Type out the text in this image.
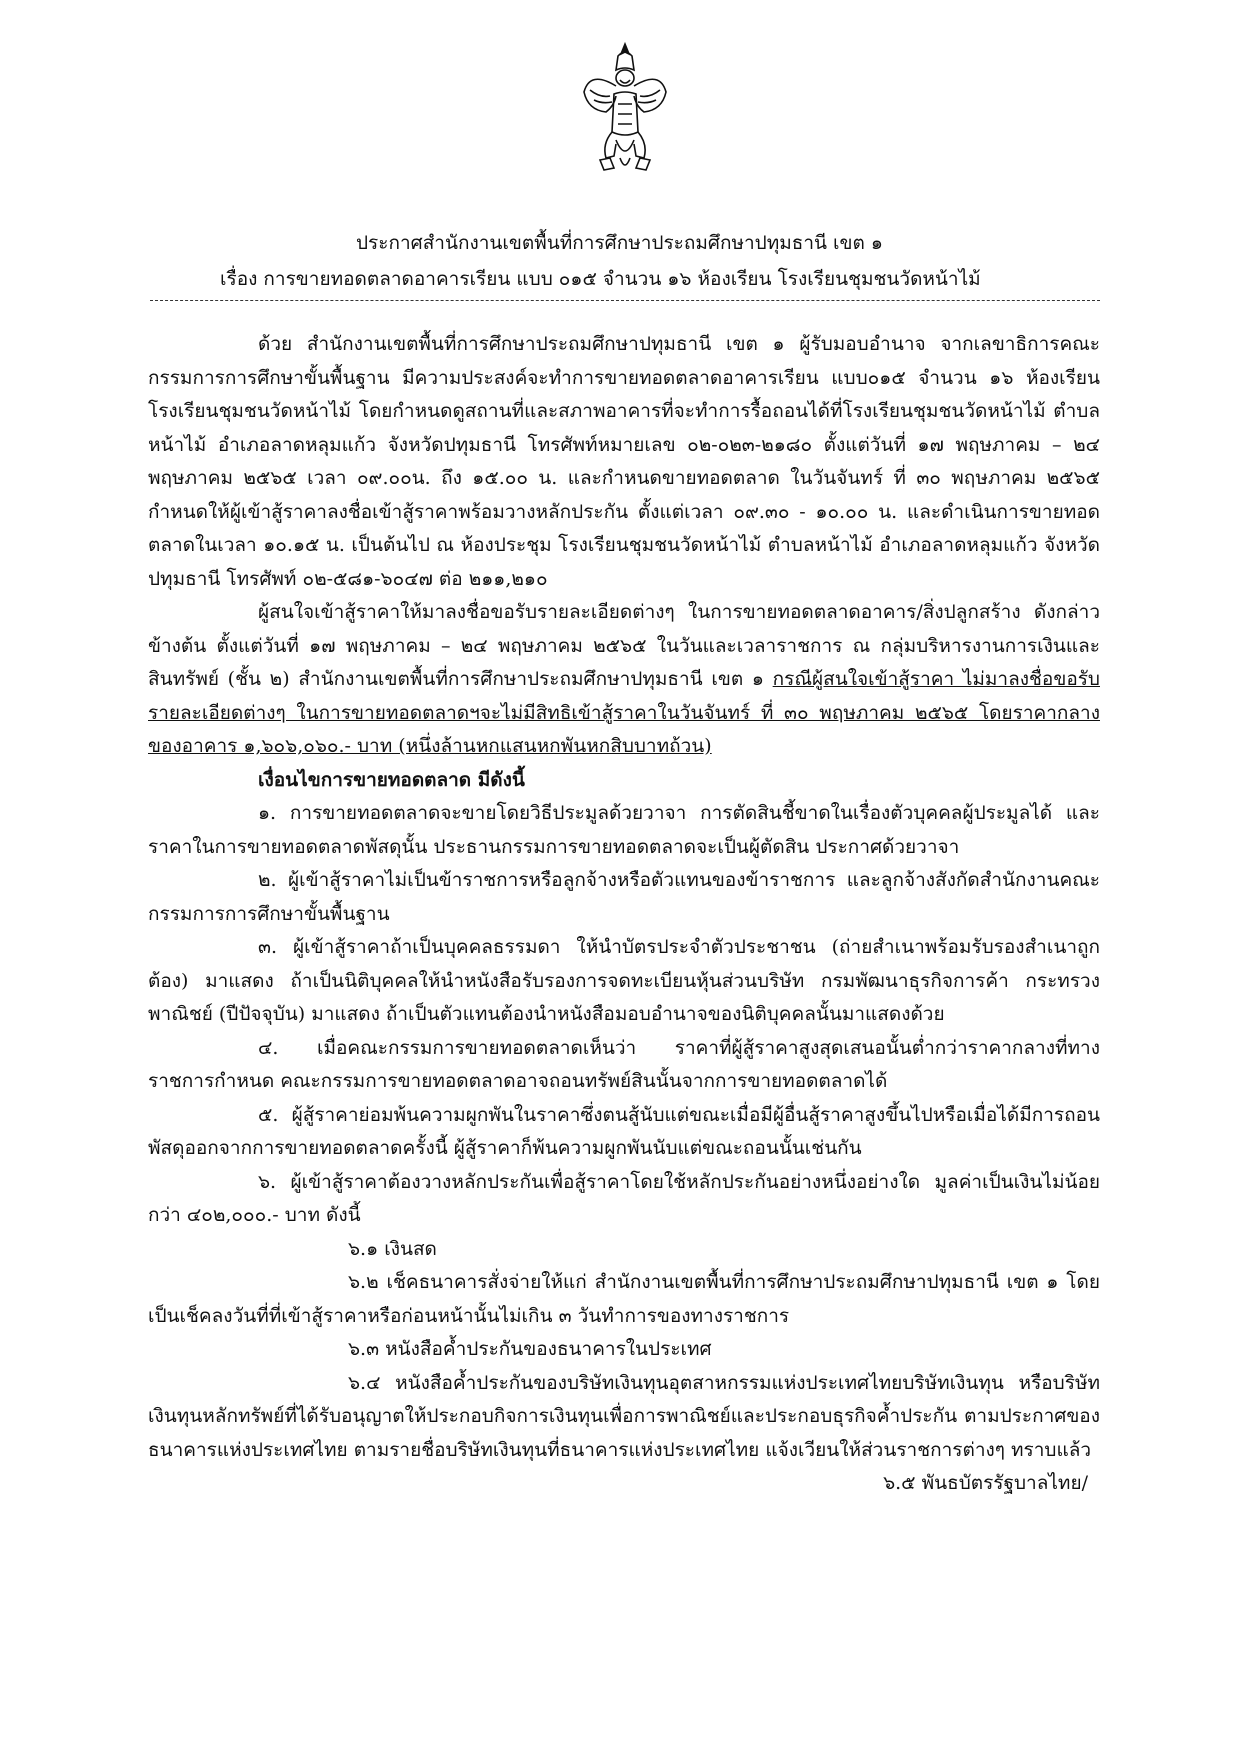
ประกาศสำนักงานเขตพื้นที่การศึกษาประถมศึกษาปทุมธานี เขต ๑
เรื่อง การขายทอดตลาดอาคารเรียน แบบ ๐๑๕ จำนวน ๑๖ ห้องเรียน โรงเรียนชุมชนวัดหน้าไม้

ด้วย สำนักงานเขตพื้นที่การศึกษาประถมศึกษาปทุมธานี เขต ๑ ผู้รับมอบอำนาจ จากเลขาธิการคณะกรรมการการศึกษาขั้นพื้นฐาน มีความประสงค์จะทำการขายทอดตลาดอาคารเรียน แบบ๐๑๕ จำนวน ๑๖ ห้องเรียน โรงเรียนชุมชนวัดหน้าไม้ โดยกำหนดดูสถานที่และสภาพอาคารที่จะทำการรื้อถอนได้ที่โรงเรียนชุมชนวัดหน้าไม้ ตำบลหน้าไม้ อำเภอลาดหลุมแก้ว จังหวัดปทุมธานี โทรศัพท์หมายเลข ๐๒-๐๒๓-๒๑๘๐ ตั้งแต่วันที่ ๑๗ พฤษภาคม – ๒๔ พฤษภาคม ๒๕๖๕ เวลา ๐๙.๐๐น. ถึง ๑๕.๐๐ น. และกำหนดขายทอดตลาด ในวันจันทร์ ที่ ๓๐ พฤษภาคม ๒๕๖๕ กำหนดให้ผู้เข้าสู้ราคาลงชื่อเข้าสู้ราคาพร้อมวางหลักประกัน ตั้งแต่เวลา ๐๙.๓๐ - ๑๐.๐๐ น. และดำเนินการขายทอดตลาดในเวลา ๑๐.๑๕ น. เป็นต้นไป ณ ห้องประชุม โรงเรียนชุมชนวัดหน้าไม้ ตำบลหน้าไม้ อำเภอลาดหลุมแก้ว จังหวัดปทุมธานี โทรศัพท์ ๐๒-๕๘๑-๖๐๔๗ ต่อ ๒๑๑,๒๑๐

ผู้สนใจเข้าสู้ราคาให้มาลงชื่อขอรับรายละเอียดต่างๆ ในการขายทอดตลาดอาคาร/สิ่งปลูกสร้าง ดังกล่าวข้างต้น ตั้งแต่วันที่ ๑๗ พฤษภาคม – ๒๔ พฤษภาคม ๒๕๖๕ ในวันและเวลาราชการ ณ กลุ่มบริหารงานการเงินและสินทรัพย์ (ชั้น ๒) สำนักงานเขตพื้นที่การศึกษาประถมศึกษาปทุมธานี เขต ๑ กรณีผู้สนใจเข้าสู้ราคา ไม่มาลงชื่อขอรับรายละเอียดต่างๆ ในการขายทอดตลาดฯจะไม่มีสิทธิเข้าสู้ราคาในวันจันทร์ ที่ ๓๐ พฤษภาคม ๒๕๖๕ โดยราคากลางของอาคาร ๑,๖๐๖,๐๖๐.- บาท (หนึ่งล้านหกแสนหกพันหกสิบบาทถ้วน)

เงื่อนไขการขายทอดตลาด มีดังนี้

๑. การขายทอดตลาดจะขายโดยวิธีประมูลด้วยวาจา การตัดสินชี้ขาดในเรื่องตัวบุคคลผู้ประมูลได้ และราคาในการขายทอดตลาดพัสดุนั้น ประธานกรรมการขายทอดตลาดจะเป็นผู้ตัดสิน ประกาศด้วยวาจา

๒. ผู้เข้าสู้ราคาไม่เป็นข้าราชการหรือลูกจ้างหรือตัวแทนของข้าราชการ และลูกจ้างสังกัดสำนักงานคณะกรรมการการศึกษาขั้นพื้นฐาน

๓. ผู้เข้าสู้ราคาถ้าเป็นบุคคลธรรมดา ให้นำบัตรประจำตัวประชาชน (ถ่ายสำเนาพร้อมรับรองสำเนาถูกต้อง) มาแสดง ถ้าเป็นนิติบุคคลให้นำหนังสือรับรองการจดทะเบียนหุ้นส่วนบริษัท กรมพัฒนาธุรกิจการค้า กระทรวงพาณิชย์ (ปีปัจจุบัน) มาแสดง ถ้าเป็นตัวแทนต้องนำหนังสือมอบอำนาจของนิติบุคคลนั้นมาแสดงด้วย

๔. เมื่อคณะกรรมการขายทอดตลาดเห็นว่า ราคาที่ผู้สู้ราคาสูงสุดเสนอนั้นต่ำกว่าราคากลางที่ทางราชการกำหนด คณะกรรมการขายทอดตลาดอาจถอนทรัพย์สินนั้นจากการขายทอดตลาดได้

๕. ผู้สู้ราคาย่อมพ้นความผูกพันในราคาซึ่งตนสู้นับแต่ขณะเมื่อมีผู้อื่นสู้ราคาสูงขึ้นไปหรือเมื่อได้มีการถอนพัสดุออกจากการขายทอดตลาดครั้งนี้ ผู้สู้ราคาก็พ้นความผูกพันนับแต่ขณะถอนนั้นเช่นกัน

๖. ผู้เข้าสู้ราคาต้องวางหลักประกันเพื่อสู้ราคาโดยใช้หลักประกันอย่างหนึ่งอย่างใด มูลค่าเป็นเงินไม่น้อยกว่า ๔๐๒,๐๐๐.- บาท ดังนี้

๖.๑ เงินสด

๖.๒ เช็คธนาคารสั่งจ่ายให้แก่ สำนักงานเขตพื้นที่การศึกษาประถมศึกษาปทุมธานี เขต ๑ โดยเป็นเช็คลงวันที่ที่เข้าสู้ราคาหรือก่อนหน้านั้นไม่เกิน ๓ วันทำการของทางราชการ

๖.๓ หนังสือค้ำประกันของธนาคารในประเทศ

๖.๔ หนังสือค้ำประกันของบริษัทเงินทุนอุตสาหกรรมแห่งประเทศไทยบริษัทเงินทุน หรือบริษัทเงินทุนหลักทรัพย์ที่ได้รับอนุญาตให้ประกอบกิจการเงินทุนเพื่อการพาณิชย์และประกอบธุรกิจค้ำประกัน ตามประกาศของธนาคารแห่งประเทศไทย ตามรายชื่อบริษัทเงินทุนที่ธนาคารแห่งประเทศไทย แจ้งเวียนให้ส่วนราชการต่างๆ ทราบแล้ว

๖.๕ พันธบัตรรัฐบาลไทย/
